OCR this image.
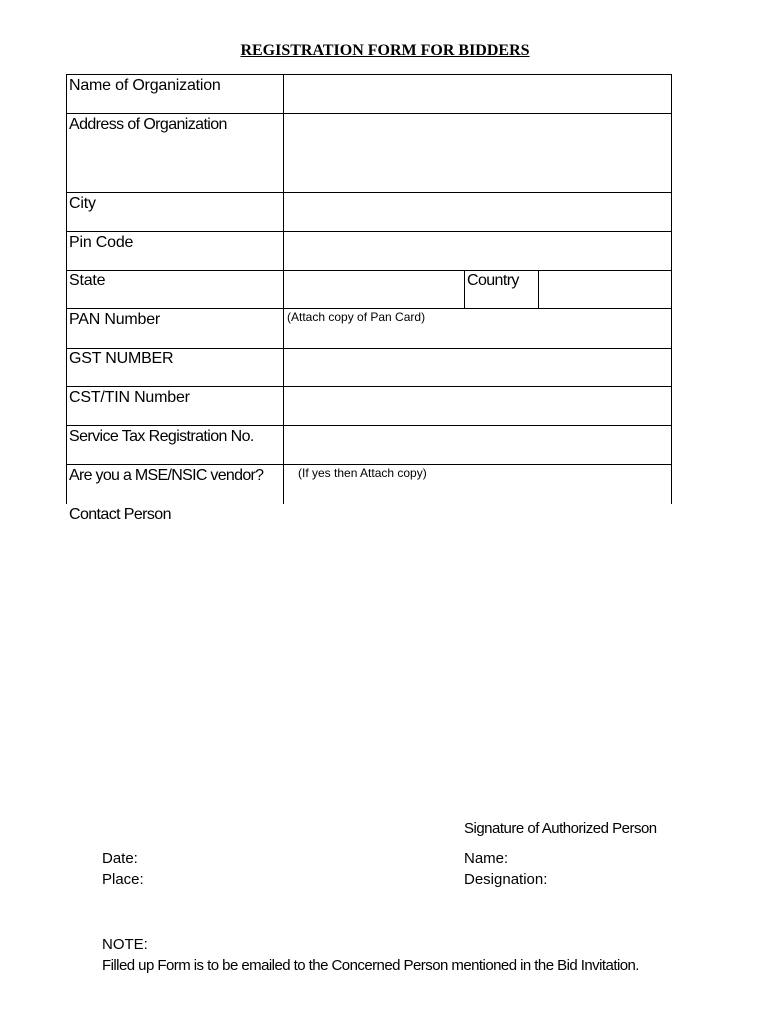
REGISTRATION FORM FOR BIDDERS
Name of Organization
Address of Organization
City
Pin Code
State	Country
PAN Number	(Attach copy of Pan Card)
GST NUMBER
CST/TIN Number
Service Tax Registration No.
Are you a MSE/NSIC vendor?	(If yes then Attach copy)
Contact Person
Signature of Authorized Person
Date:
Place:
Name:
Designation:
NOTE:
Filled up Form is to be emailed to the Concerned Person mentioned in the Bid Invitation.
